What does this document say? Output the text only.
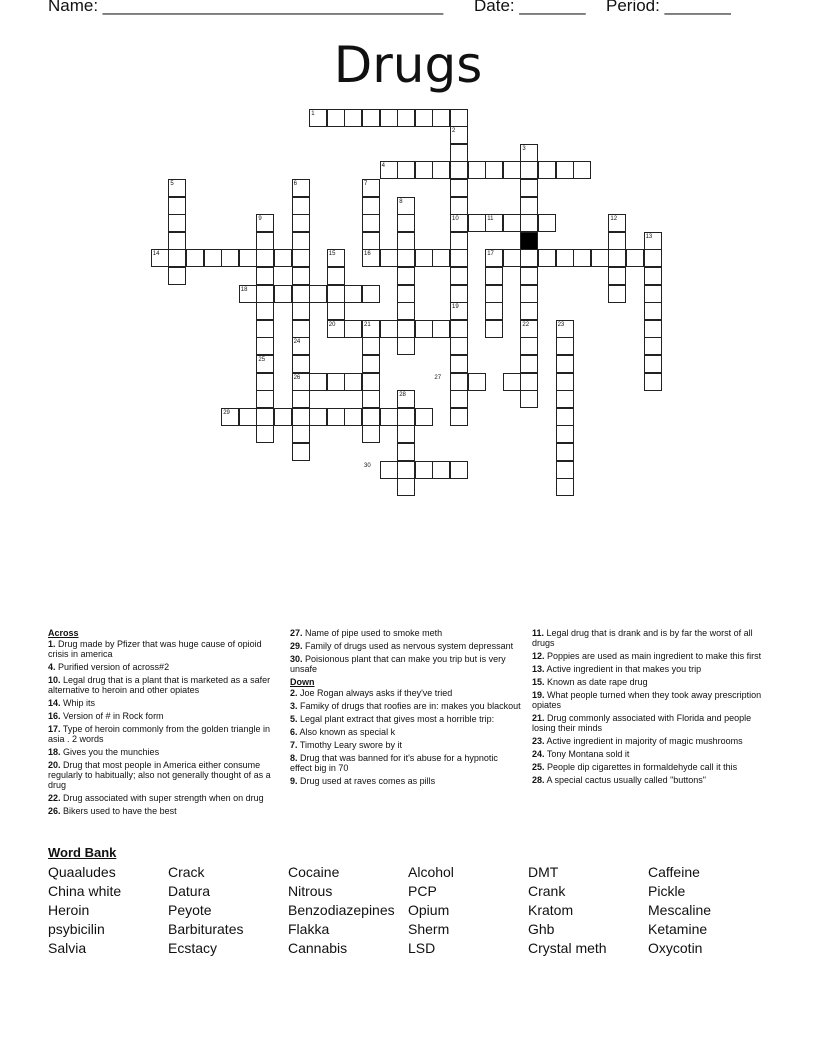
Name: ____________________________________ Date: _______ Period: _______
Drugs
1
2
3
4
5	6	7
8
9	10	11	12
13
14	15	16	17
18
19
20	21	22	23
24
25
26	27
28
29
30
Across
1. Drug made by Pfizer that was huge cause of opioid crisis in america
4. Purified version of across#2
10. Legal drug that is a plant that is marketed as a safer alternative to heroin and other opiates
14. Whip its
16. Version of # in Rock form
17. Type of heroin commonly from the golden triangle in asia . 2 words
18. Gives you the munchies
20. Drug that most people in America either consume regularly to habitually; also not generally thought of as a drug
22. Drug associated with super strength when on drug
26. Bikers used to have the best
27. Name of pipe used to smoke meth
29. Family of drugs used as nervous system depressant
30. Poisionous plant that can make you trip but is very unsafe
Down
2. Joe Rogan always asks if they've tried
3. Famiky of drugs that roofies are in: makes you blackout
5. Legal plant extract that gives most a horrible trip:
6. Also known as special k
7. Timothy Leary swore by it
8. Drug that was banned for it's abuse for a hypnotic effect big in 70
9. Drug used at raves comes as pills
11. Legal drug that is drank and is by far the worst of all drugs
12. Poppies are used as main ingredient to make this first
13. Active ingredient in that makes you trip
15. Known as date rape drug
19. What people turned when they took away prescription opiates
21. Drug commonly associated with Florida and people losing their minds
23. Active ingredient in majority of magic mushrooms
24. Tony Montana sold it
25. People dip cigarettes in formaldehyde call it this
28. A special cactus usually called "buttons"
Word Bank
Quaaludes
China white
Heroin
psybicilin
Salvia
Crack
Datura
Peyote
Barbiturates
Ecstacy
Cocaine
Nitrous
Benzodiazepines
Flakka
Cannabis
Alcohol
PCP
Opium
Sherm
LSD
DMT
Crank
Kratom
Ghb
Crystal meth
Caffeine
Pickle
Mescaline
Ketamine
Oxycotin
